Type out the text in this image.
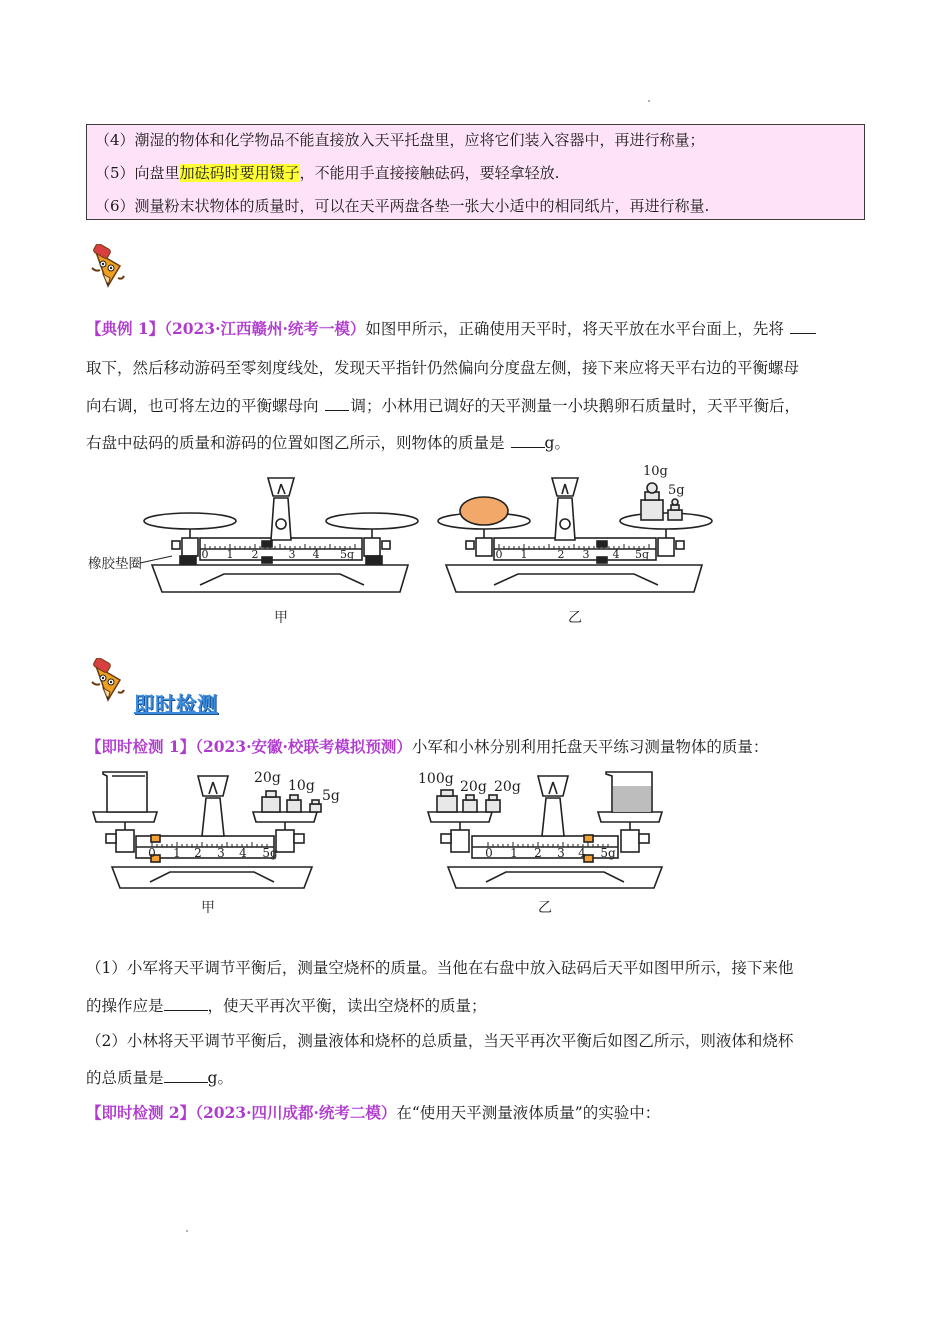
（4）潮湿的物体和化学物品不能直接放入天平托盘里，应将它们装入容器中，再进行称量；
（5）向盘里加砝码时要用镊子，不能用手直接接触砝码，要轻拿轻放.
（6）测量粉末状物体的质量时，可以在天平两盘各垫一张大小适中的相同纸片，再进行称量.
【典例 1】（2023·江西赣州·统考一模）如图甲所示，正确使用天平时，将天平放在水平台面上，先将
取下，然后移动游码至零刻度线处，发现天平指针仍然偏向分度盘左侧，接下来应将天平右边的平衡螺母
向右调，也可将左边的平衡螺母向 调；小林用已调好的天平测量一小块鹅卵石质量时，天平平衡后，
右盘中砝码的质量和游码的位置如图乙所示，则物体的质量是	g。
0 1 2	3 4 5g	0 1	2 3 4 5g
橡胶垫圈
10g
5g
甲	乙
即时检测
【即时检测 1】（2023·安徽·校联考模拟预测）小军和小林分别利用托盘天平练习测量物体的质量：
0 1 2 3 4 5g	0 1 2 3 4 5g
20g 10g
5g
100g 20g 20g
甲	乙
（1）小军将天平调节平衡后，测量空烧杯的质量。当他在右盘中放入砝码后天平如图甲所示，接下来他
的操作应是	，使天平再次平衡，读出空烧杯的质量；
（2）小林将天平调节平衡后，测量液体和烧杯的总质量，当天平再次平衡后如图乙所示，则液体和烧杯
的总质量是	g。
【即时检测 2】（2023·四川成都·统考二模）在“使用天平测量液体质量”的实验中：
